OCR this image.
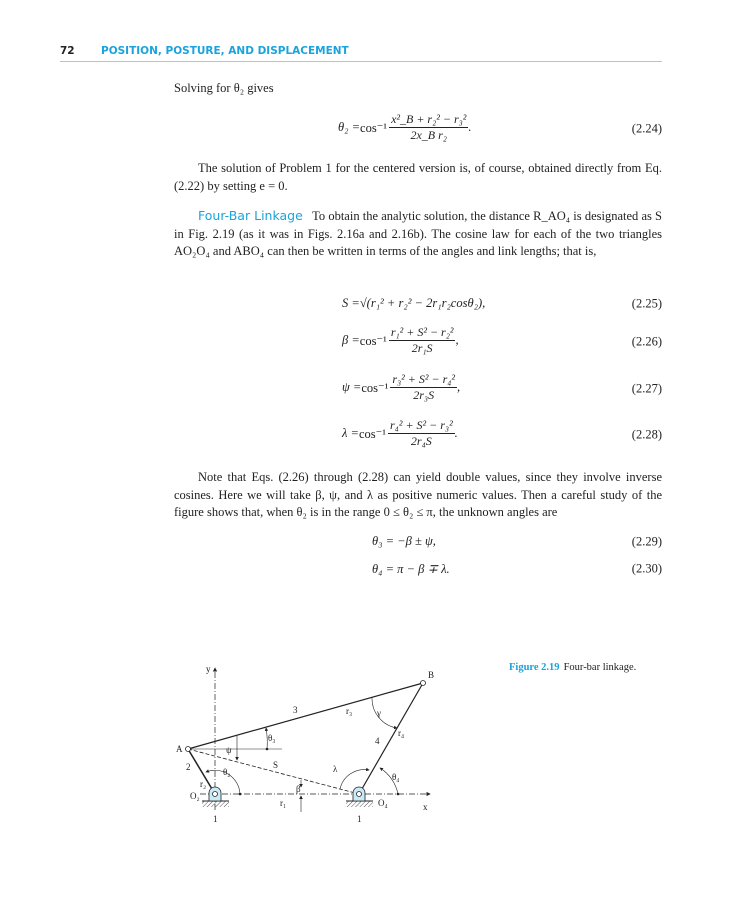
72	POSITION, POSTURE, AND DISPLACEMENT
Solving for θ₂ gives
$\theta_2 = \cos^{-1} \frac{\text{x²\_B + r₂² − r₃²}}{\text{2x\_B r₂}}$ .	(2.24)
The solution of Problem 1 for the centered version is, of course, obtained directly from Eq. (2.22) by setting e = 0.
Four-Bar Linkage To obtain the analytic solution, the distance R_AO₄ is designated as S in Fig. 2.19 (as it was in Figs. 2.16a and 2.16b). The cosine law for each of the two triangles AO₂O₄ and ABO₄ can then be written in terms of the angles and link lengths; that is,
S = √(r₁² + r₂² − 2r₁r₂cosθ₂),	(2.25)
$\beta = \cos^{-1} \frac{\text{r₁² + S² − r₂²}}{\text{2r₁S}}$ ,	(2.26)
$\psi = \cos^{-1} \frac{\text{r₃² + S² − r₄²}}{\text{2r₃S}}$ ,	(2.27)
$\lambda = \cos^{-1} \frac{\text{r₄² + S² − r₃²}}{\text{2r₄S}}$ .	(2.28)
Note that Eqs. (2.26) through (2.28) can yield double values, since they involve inverse cosines. Here we will take β, ψ, and λ as positive numeric values. Then a careful study of the figure shows that, when θ₂ is in the range 0 ≤ θ₂ ≤ π, the unknown angles are
θ₃ = −β ± ψ,	(2.29)
θ₄ = π − β ∓ λ.	(2.30)
y
x
B
A
3	r₃	γ
r₄
4
ψ
θ₃
S
2	θ₂	λ
θ₄
r₂	β
O₂
r₁	O₄
1	1
Figure 2.19 Four-bar linkage.
